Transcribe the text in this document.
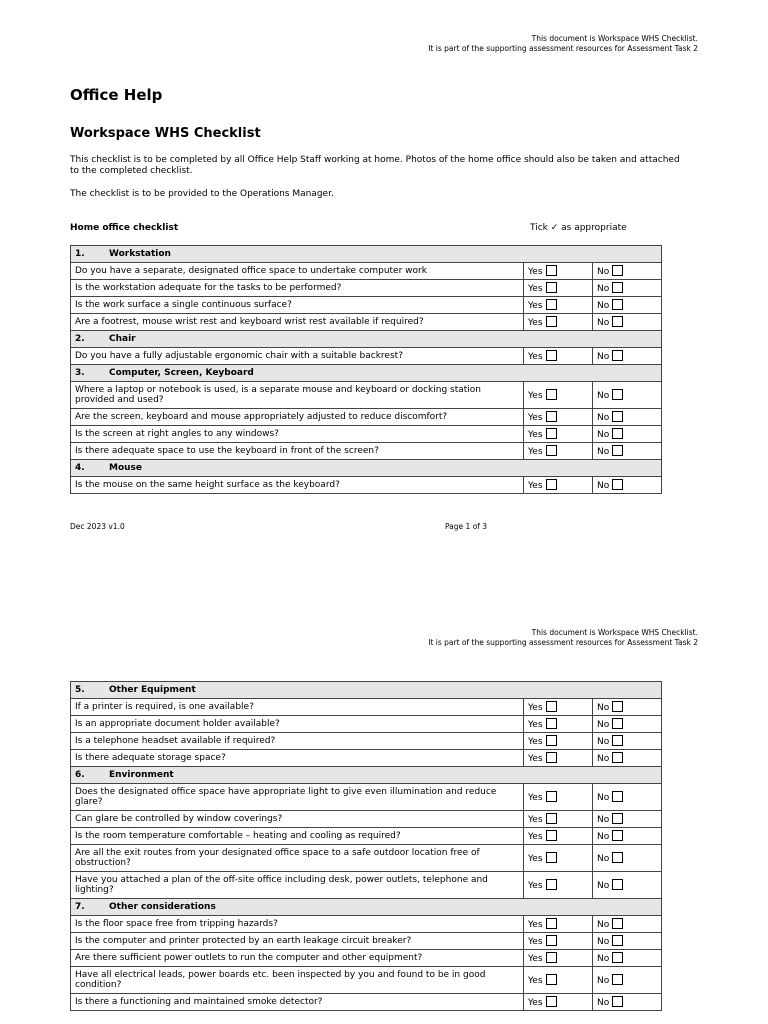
This document is Workspace WHS Checklist.
It is part of the supporting assessment resources for Assessment Task 2
Office Help
Workspace WHS Checklist

This checklist is to be completed by all Office Help Staff working at home. Photos of the home office should also be taken and attached to the completed checklist.

The checklist is to be provided to the Operations Manager.

Home office checklist	Tick ✓ as appropriate
1. Workstation		
Do you have a separate, designated office space to undertake computer work	Yes	No
Is the workstation adequate for the tasks to be performed?	Yes	No
Is the work surface a single continuous surface?	Yes	No
Are a footrest, mouse wrist rest and keyboard wrist rest available if required?	Yes	No
2. Chair		
Do you have a fully adjustable ergonomic chair with a suitable backrest?	Yes	No
3. Computer, Screen, Keyboard		
Where a laptop or notebook is used, is a separate mouse and keyboard or docking station provided and used?	Yes	No
Are the screen, keyboard and mouse appropriately adjusted to reduce discomfort?	Yes	No
Is the screen at right angles to any windows?	Yes	No
Is there adequate space to use the keyboard in front of the screen?	Yes	No
4. Mouse		
Is the mouse on the same height surface as the keyboard?	Yes	No
Dec 2023 v1.0	Page 1 of 3
This document is Workspace WHS Checklist.
It is part of the supporting assessment resources for Assessment Task 2
5. Other Equipment		
If a printer is required, is one available?	Yes	No
Is an appropriate document holder available?	Yes	No
Is a telephone headset available if required?	Yes	No
Is there adequate storage space?	Yes	No
6. Environment		
Does the designated office space have appropriate light to give even illumination and reduce glare?	Yes	No
Can glare be controlled by window coverings?	Yes	No
Is the room temperature comfortable – heating and cooling as required?	Yes	No
Are all the exit routes from your designated office space to a safe outdoor location free of obstruction?	Yes	No
Have you attached a plan of the off-site office including desk, power outlets, telephone and lighting?	Yes	No
7. Other considerations		
Is the floor space free from tripping hazards?	Yes	No
Is the computer and printer protected by an earth leakage circuit breaker?	Yes	No
Are there sufficient power outlets to run the computer and other equipment?	Yes	No
Have all electrical leads, power boards etc. been inspected by you and found to be in good condition?	Yes	No
Is there a functioning and maintained smoke detector?	Yes	No
